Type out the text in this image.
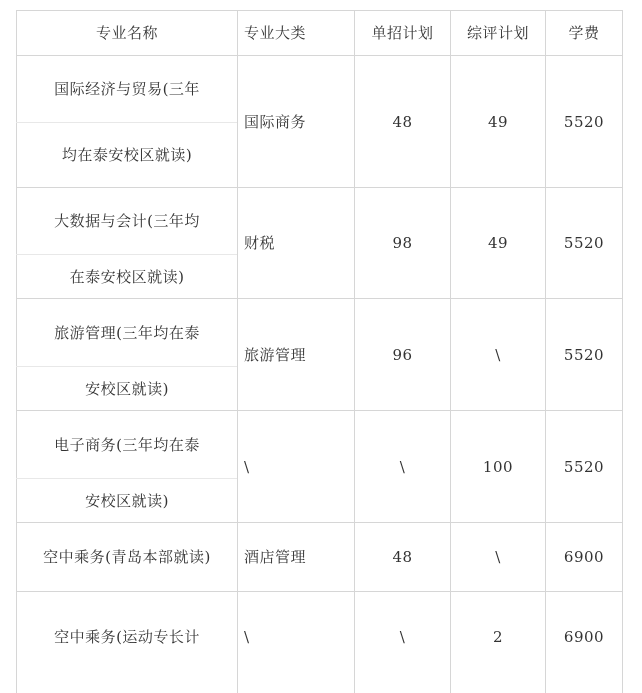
专业名称	专业大类	单招计划	综评计划	学费
国际经济与贸易(三年
均在泰安校区就读)
国际商务	48	49	5520
大数据与会计(三年均
在泰安校区就读)
财税	98	49	5520
旅游管理(三年均在泰
安校区就读)
旅游管理	96	\	5520
电子商务(三年均在泰
安校区就读)
\	\	100	5520
空中乘务(青岛本部就读)	酒店管理	48	\	6900
空中乘务(运动专长计	\	\	2	6900
